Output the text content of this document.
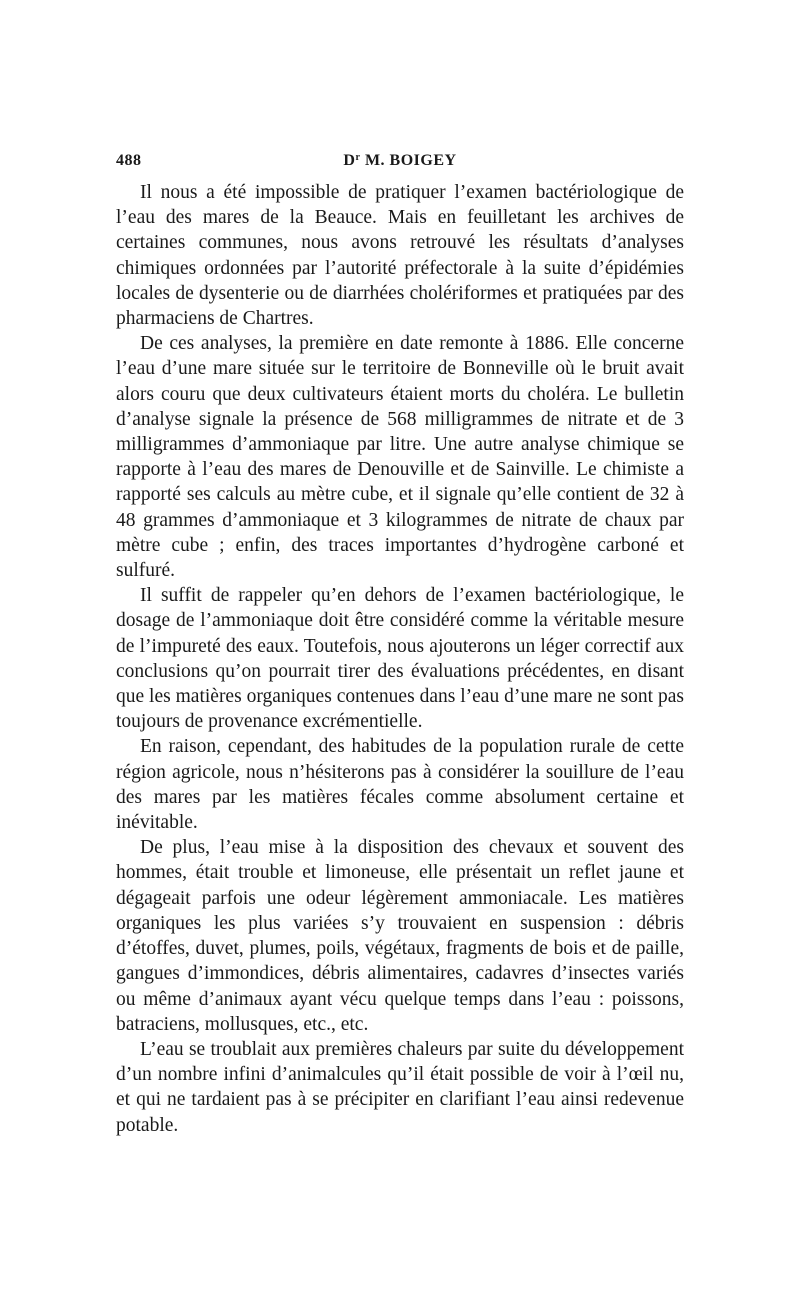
488	$D^r$ M. BOIGEY

Il nous a été impossible de pratiquer l’examen bactériologique de l’eau des mares de la Beauce. Mais en feuilletant les archives de certaines communes, nous avons retrouvé les résultats d’analyses chimiques ordonnées par l’autorité préfectorale à la suite d’épidémies locales de dysenterie ou de diarrhées cholériformes et pratiquées par des pharmaciens de Chartres.

De ces analyses, la première en date remonte à 1886. Elle concerne l’eau d’une mare située sur le territoire de Bonneville où le bruit avait alors couru que deux cultivateurs étaient morts du choléra. Le bulletin d’analyse signale la présence de 568 milligrammes de nitrate et de 3 milligrammes d’ammoniaque par litre. Une autre analyse chimique se rapporte à l’eau des mares de Denouville et de Sainville. Le chimiste a rapporté ses calculs au mètre cube, et il signale qu’elle contient de 32 à 48 grammes d’ammoniaque et 3 kilogrammes de nitrate de chaux par mètre cube ; enfin, des traces importantes d’hydrogène carboné et sulfuré.

Il suffit de rappeler qu’en dehors de l’examen bactériologique, le dosage de l’ammoniaque doit être considéré comme la véritable mesure de l’impureté des eaux. Toutefois, nous ajouterons un léger correctif aux conclusions qu’on pourrait tirer des évaluations précédentes, en disant que les matières organiques contenues dans l’eau d’une mare ne sont pas toujours de provenance excrémentielle.

En raison, cependant, des habitudes de la population rurale de cette région agricole, nous n’hésiterons pas à considérer la souillure de l’eau des mares par les matières fécales comme absolument certaine et inévitable.

De plus, l’eau mise à la disposition des chevaux et souvent des hommes, était trouble et limoneuse, elle présentait un reflet jaune et dégageait parfois une odeur légèrement ammoniacale. Les matières organiques les plus variées s’y trouvaient en suspension : débris d’étoffes, duvet, plumes, poils, végétaux, fragments de bois et de paille, gangues d’immondices, débris alimentaires, cadavres d’insectes variés ou même d’animaux ayant vécu quelque temps dans l’eau : poissons, batraciens, mollusques, etc., etc.

L’eau se troublait aux premières chaleurs par suite du développement d’un nombre infini d’animalcules qu’il était possible de voir à l’œil nu, et qui ne tardaient pas à se précipiter en clarifiant l’eau ainsi redevenue potable.
